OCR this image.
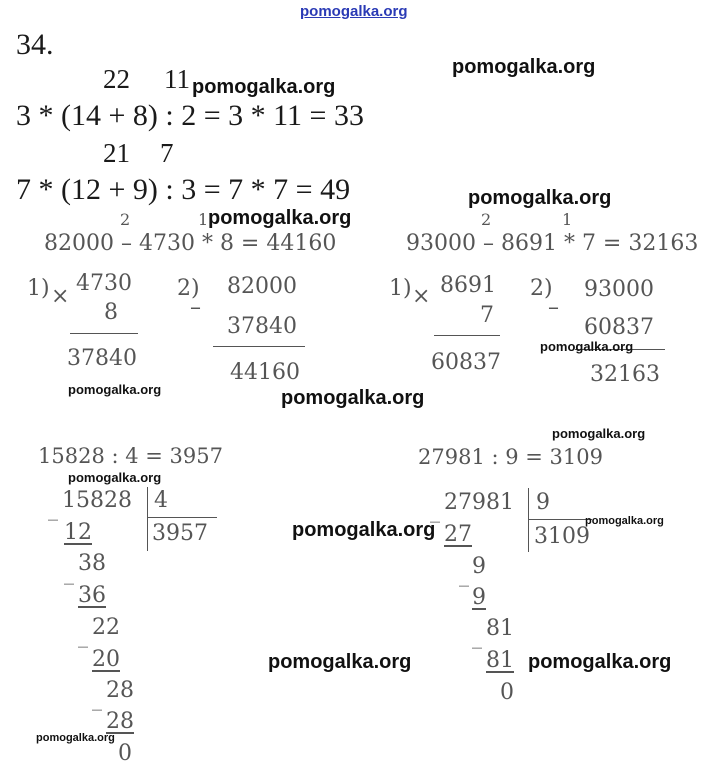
pomogalka.org
34.
22 11
3 * (14 + 8) : 2 = 3 * 11 = 33
21 7
7 * (12 + 9) : 3 = 7 * 7 = 49
2	1
82000 – 4730 * 8 = 44160
1) ×
4730
8
37840
2)
–
82000
37840
44160
2	1
93000 – 8691 * 7 = 32163
1) × 8691
7
60837
2)
–
93000
60837
32163
15828 : 4 = 3957
_ 15828 4
3957
12
_ 38
36
_ 22
20
_ 28
28
0
27981 : 9 = 3109
_ 27981 9
3109
27
_ 9
9
_ 81
81
0
pomogalka.org
pomogalka.org
pomogalka.org
pomogalka.org
pomogalka.org
pomogalka.org	pomogalka.org
pomogalka.org
pomogalka.org
pomogalka.org
pomogalka.org
pomogalka.org	pomogalka.org
pomogalka.org
